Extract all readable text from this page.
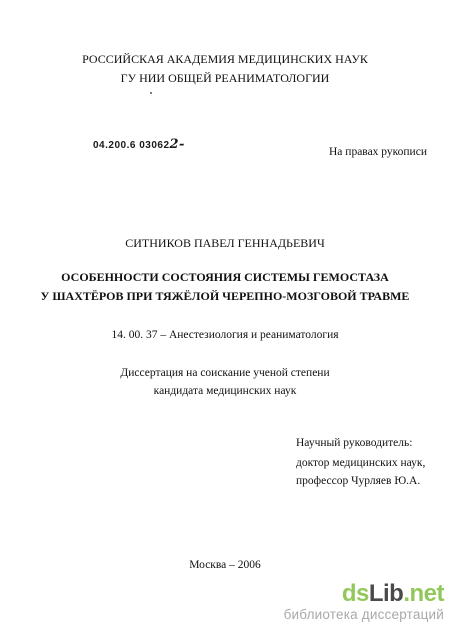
РОССИЙСКАЯ АКАДЕМИЯ МЕДИЦИНСКИХ НАУК
ГУ НИИ ОБЩЕЙ РЕАНИМАТОЛОГИИ
04.200.6 030622-	На правах рукописи
СИТНИКОВ ПАВЕЛ ГЕННАДЬЕВИЧ
ОСОБЕННОСТИ СОСТОЯНИЯ СИСТЕМЫ ГЕМОСТАЗА
У ШАХТЁРОВ ПРИ ТЯЖЁЛОЙ ЧЕРЕПНО-МОЗГОВОЙ ТРАВМЕ
14. 00. 37 – Анестезиология и реаниматология
Диссертация на соискание ученой степени
кандидата медицинских наук
Научный руководитель:
доктор медицинских наук,
профессор Чурляев Ю.А.
Москва – 2006
dsLib.net
библиотека диссертаций
